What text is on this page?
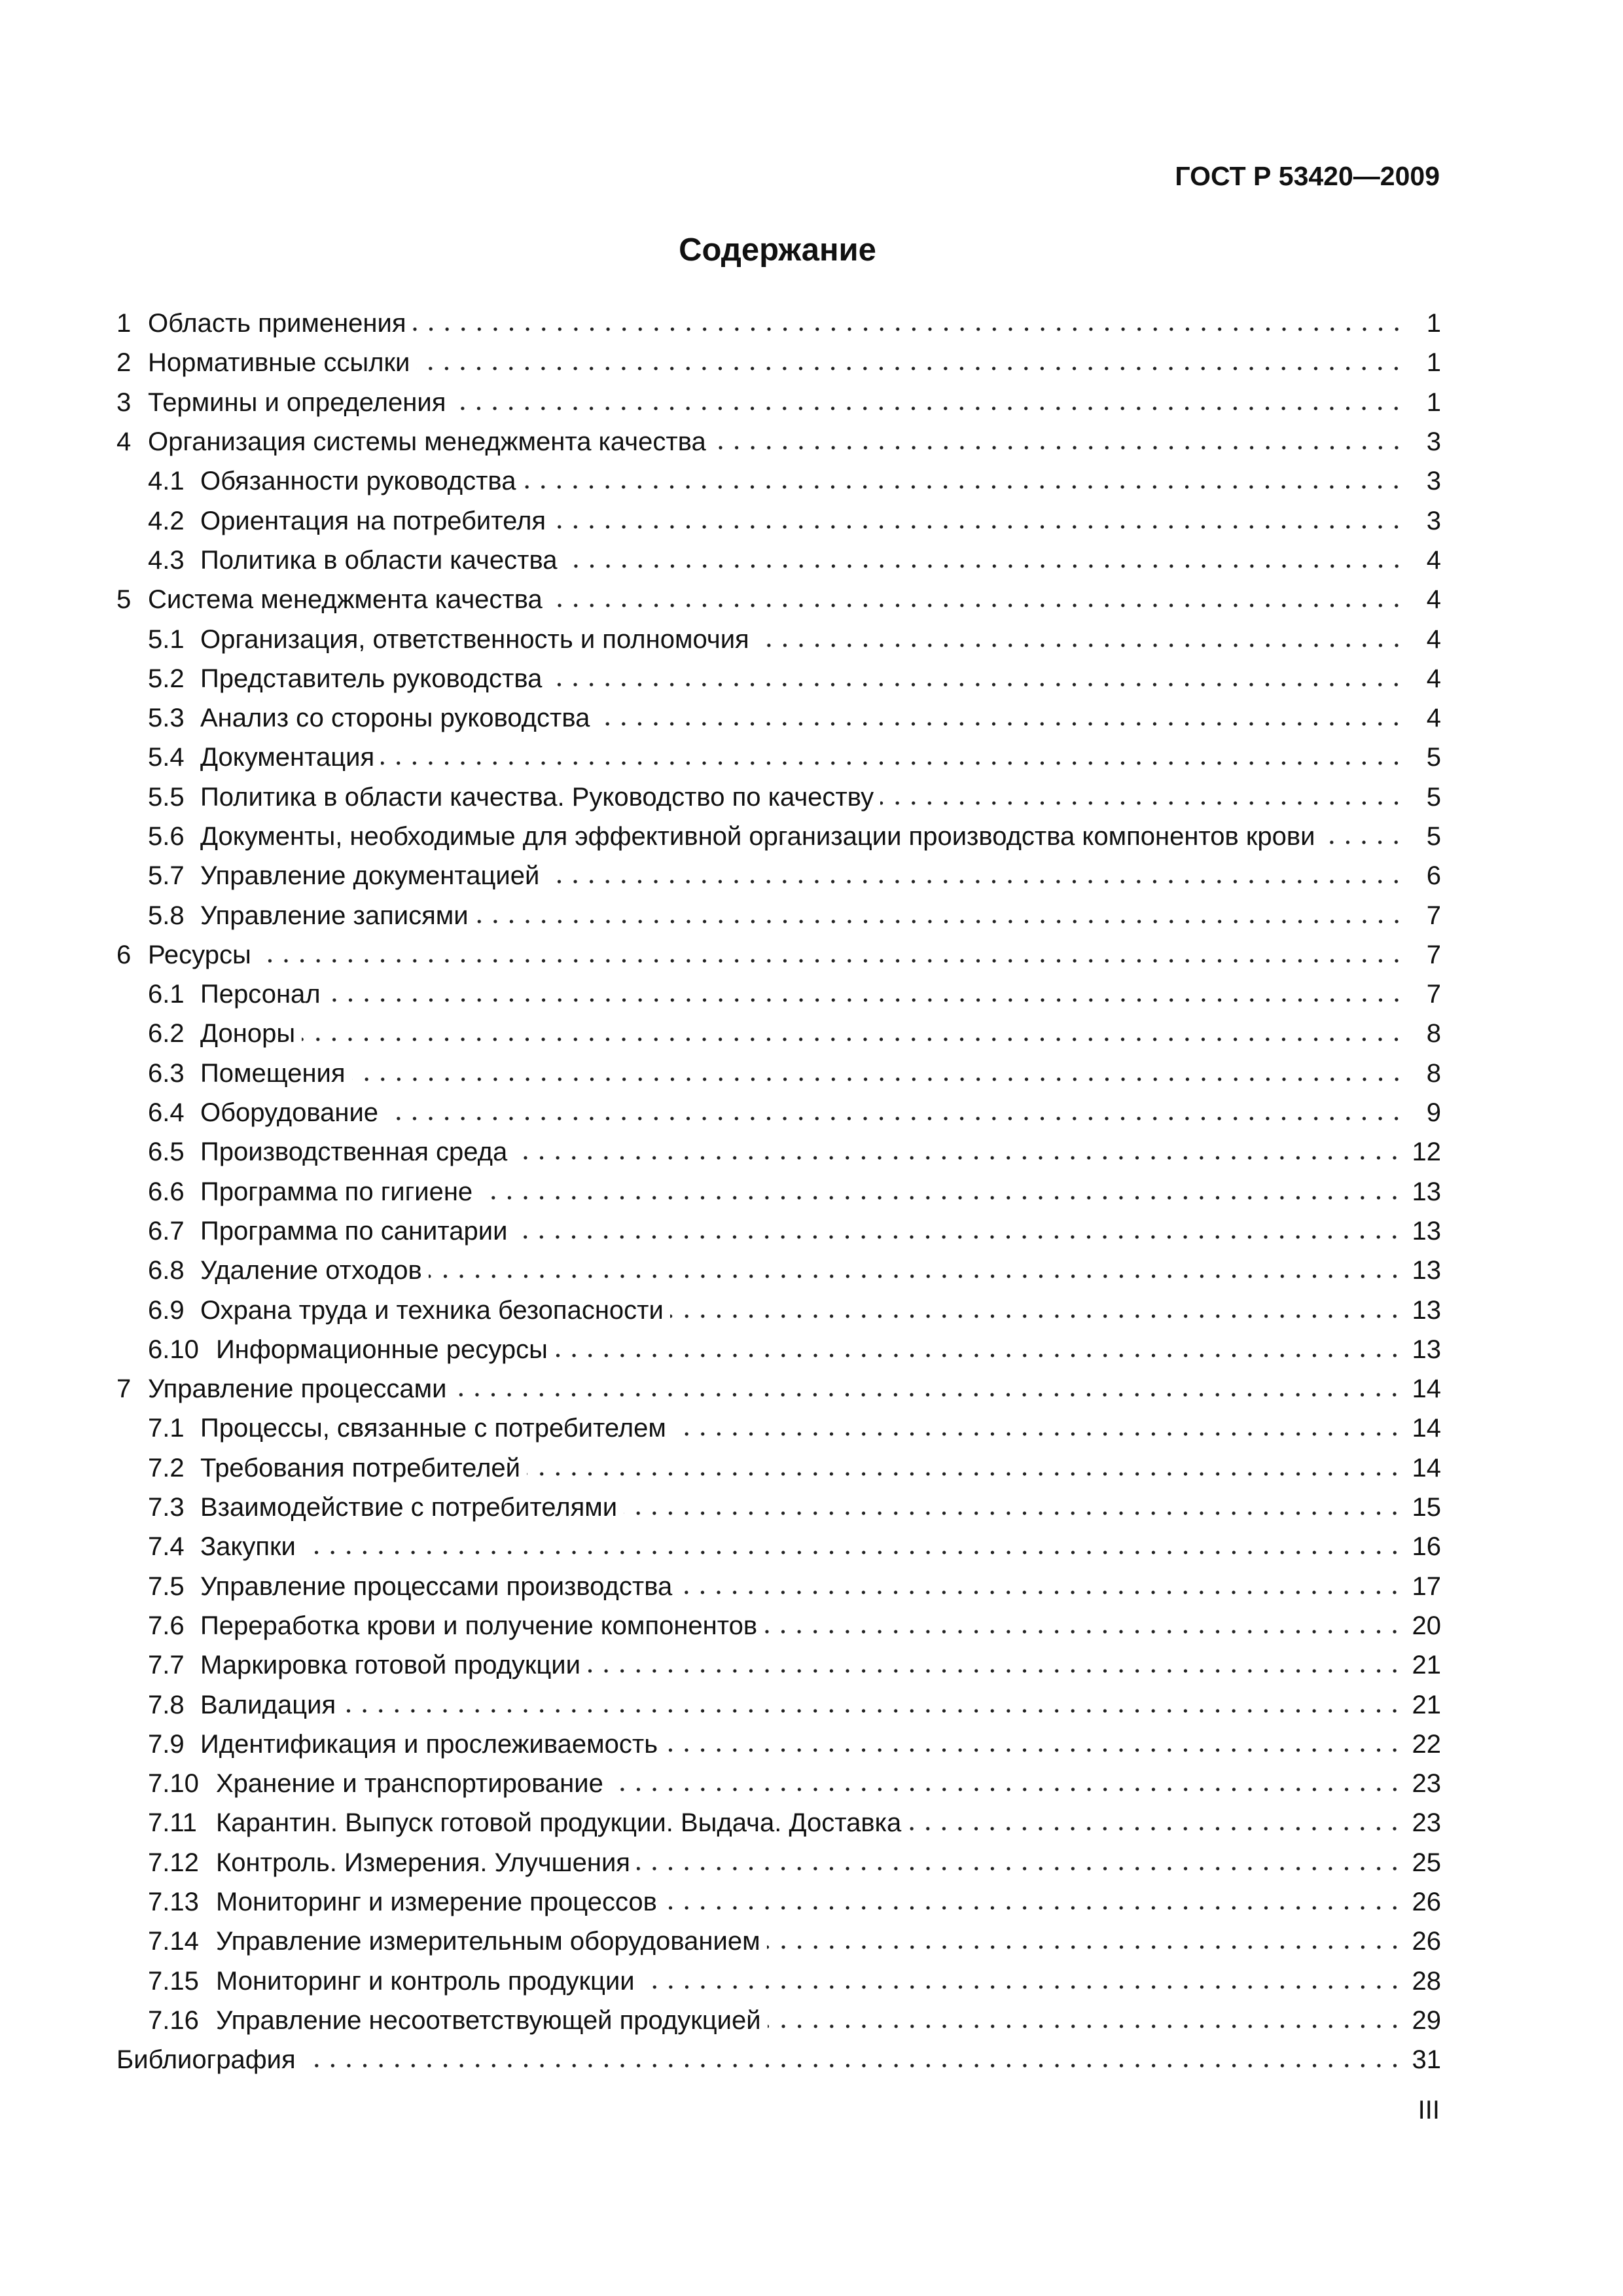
ГОСТ Р 53420—2009
Содержание
1 Область применения	1
2 Нормативные ссылки	1
3 Термины и определения	1
4 Организация системы менеджмента качества	3
4.1 Обязанности руководства	3
4.2 Ориентация на потребителя	3
4.3 Политика в области качества	4
5 Система менеджмента качества	4
5.1 Организация, ответственность и полномочия	4
5.2 Представитель руководства	4
5.3 Анализ со стороны руководства	4
5.4 Документация	5
5.5 Политика в области качества. Руководство по качеству	5
5.6 Документы, необходимые для эффективной организации производства компонентов крови	5
5.7 Управление документацией	6
5.8 Управление записями	7
6 Ресурсы	7
6.1 Персонал	7
6.2 Доноры	8
6.3 Помещения	8
6.4 Оборудование	9
6.5 Производственная среда	12
6.6 Программа по гигиене	13
6.7 Программа по санитарии	13
6.8 Удаление отходов	13
6.9 Охрана труда и техника безопасности	13
6.10 Информационные ресурсы	13
7 Управление процессами	14
7.1 Процессы, связанные с потребителем	14
7.2 Требования потребителей	14
7.3 Взаимодействие с потребителями	15
7.4 Закупки	16
7.5 Управление процессами производства	17
7.6 Переработка крови и получение компонентов	20
7.7 Маркировка готовой продукции	21
7.8 Валидация	21
7.9 Идентификация и прослеживаемость	22
7.10 Хранение и транспортирование	23
7.11 Карантин. Выпуск готовой продукции. Выдача. Доставка	23
7.12 Контроль. Измерения. Улучшения	25
7.13 Мониторинг и измерение процессов	26
7.14 Управление измерительным оборудованием	26
7.15 Мониторинг и контроль продукции	28
7.16 Управление несоответствующей продукцией	29
Библиография	31
III
